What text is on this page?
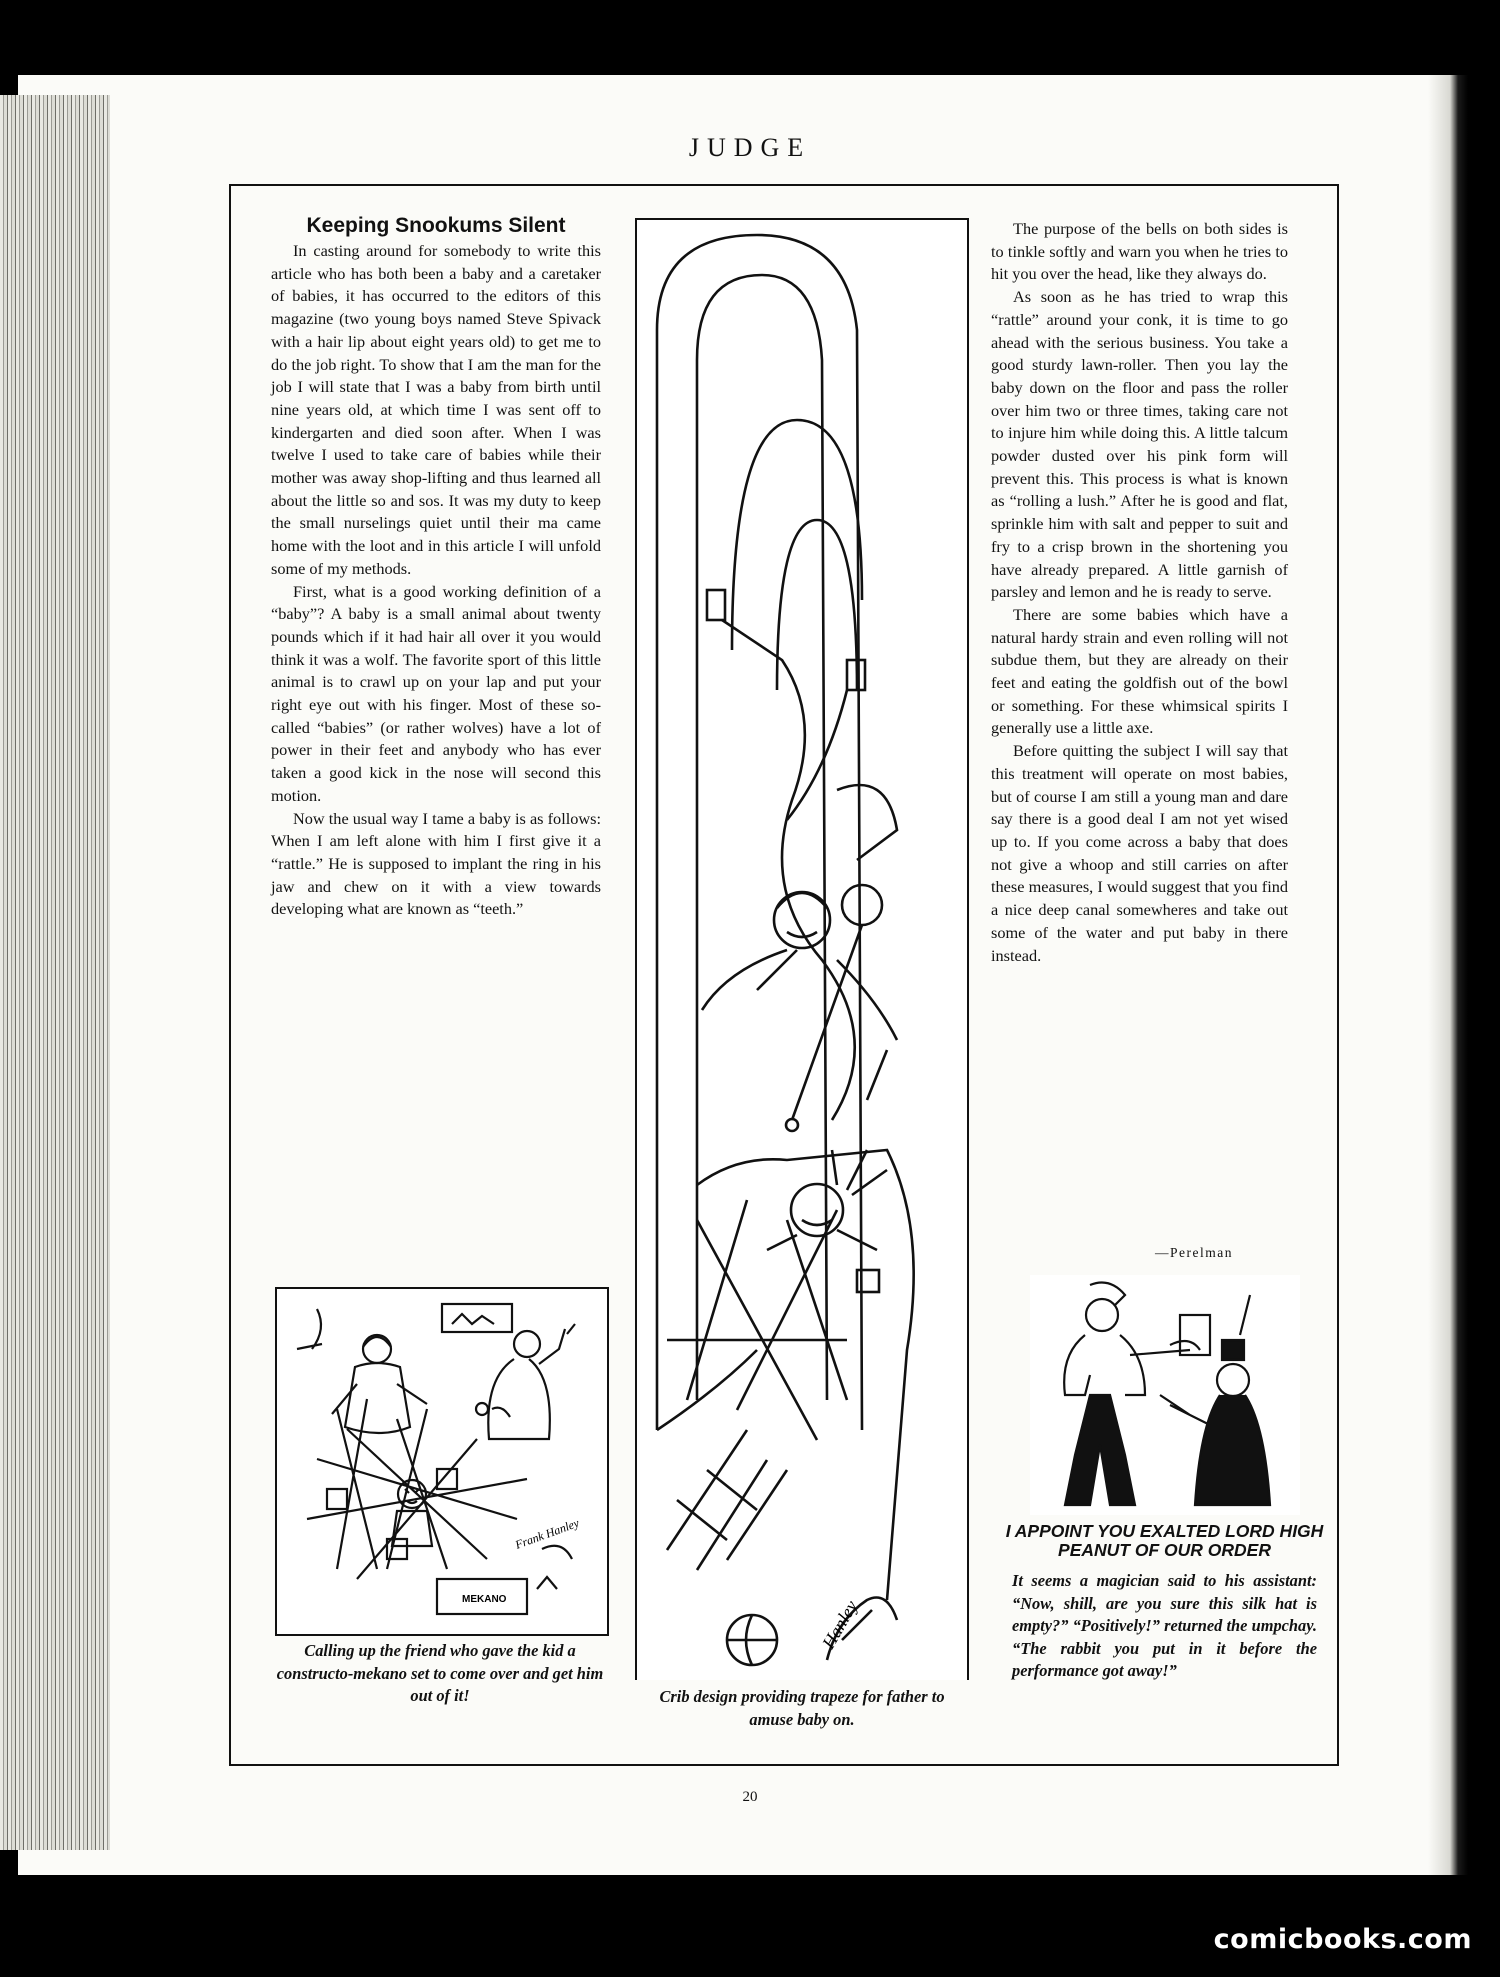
JUDGE
Keeping Snookums Silent

In casting around for somebody to write this article who has both been a baby and a caretaker of babies, it has occurred to the editors of this magazine (two young boys named Steve Spivack with a hair lip about eight years old) to get me to do the job right. To show that I am the man for the job I will state that I was a baby from birth until nine years old, at which time I was sent off to kindergarten and died soon after. When I was twelve I used to take care of babies while their mother was away shop-lifting and thus learned all about the little so and sos. It was my duty to keep the small nurselings quiet until their ma came home with the loot and in this article I will unfold some of my methods.

First, what is a good working definition of a “baby”? A baby is a small animal about twenty pounds which if it had hair all over it you would think it was a wolf. The favorite sport of this little animal is to crawl up on your lap and put your right eye out with his finger. Most of these so-called “babies” (or rather wolves) have a lot of power in their feet and anybody who has ever taken a good kick in the nose will second this motion.

Now the usual way I tame a baby is as follows: When I am left alone with him I first give it a “rattle.” He is supposed to implant the ring in his jaw and chew on it with a view towards developing what are known as “teeth.”

The purpose of the bells on both sides is to tinkle softly and warn you when he tries to hit you over the head, like they always do.

As soon as he has tried to wrap this “rattle” around your conk, it is time to go ahead with the serious business. You take a good sturdy lawn-roller. Then you lay the baby down on the floor and pass the roller over him two or three times, taking care not to injure him while doing this. A little talcum powder dusted over his pink form will prevent this. This process is what is known as “rolling a lush.” After he is good and flat, sprinkle him with salt and pepper to suit and fry to a crisp brown in the shortening you have already prepared. A little garnish of parsley and lemon and he is ready to serve.

There are some babies which have a natural hardy strain and even rolling will not subdue them, but they are already on their feet and eating the goldfish out of the bowl or something. For these whimsical spirits I generally use a little axe.

Before quitting the subject I will say that this treatment will operate on most babies, but of course I am still a young man and dare say there is a good deal I am not yet wised up to. If you come across a baby that does not give a whoop and still carries on after these measures, I would suggest that you find a nice deep canal somewheres and take out some of the water and put baby in there instead.

—Perelman
MEKANO
Frank Hanley
Calling up the friend who gave the kid a constructo-mekano set to come over and get him out of it!
Hanley
Crib design providing trapeze for father to amuse baby on.
I APPOINT YOU EXALTED LORD HIGH PEANUT OF OUR ORDER
It seems a magician said to his assistant: “Now, shill, are you sure this silk hat is empty?” “Positively!” returned the umpchay. “The rabbit you put in it before the performance got away!”
20
comicbooks.com
